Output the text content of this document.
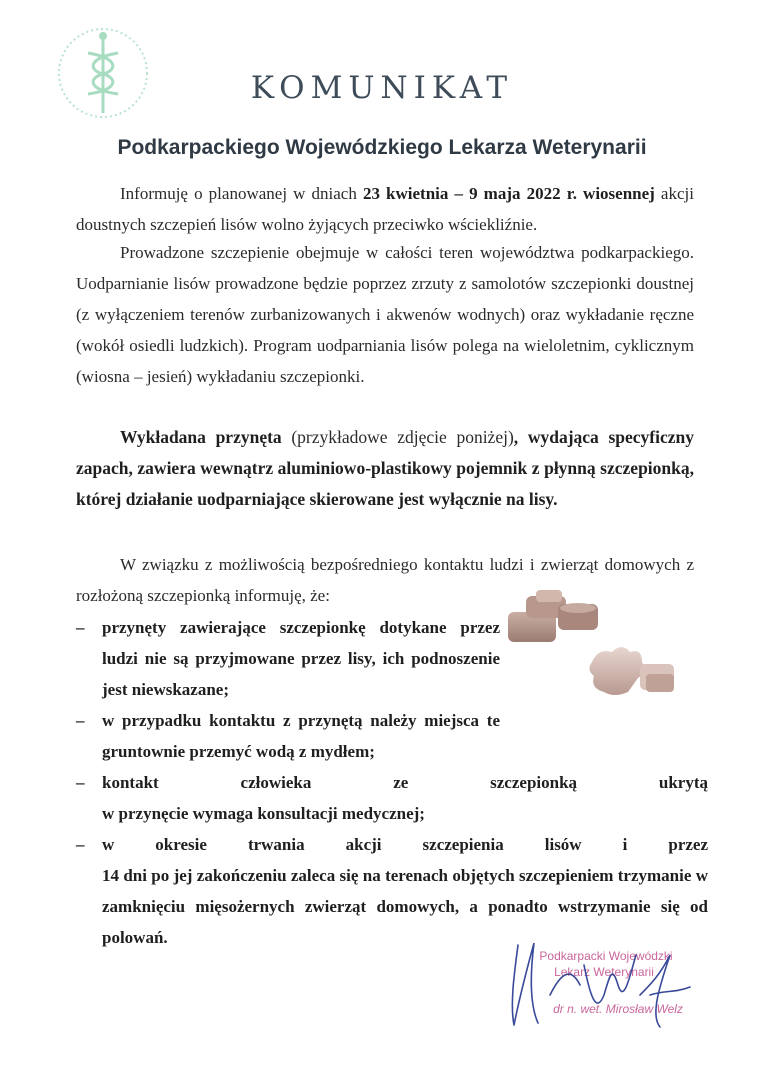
KOMUNIKAT
Podkarpackiego Wojewódzkiego Lekarza Weterynarii

Informuję o planowanej w dniach 23 kwietnia – 9 maja 2022 r. wiosennej akcji doustnych szczepień lisów wolno żyjących przeciwko wściekliźnie.

Prowadzone szczepienie obejmuje w całości teren województwa podkarpackiego. Uodparnianie lisów prowadzone będzie poprzez zrzuty z samolotów szczepionki doustnej (z wyłączeniem terenów zurbanizowanych i akwenów wodnych) oraz wykładanie ręczne (wokół osiedli ludzkich). Program uodparniania lisów polega na wieloletnim, cyklicznym (wiosna – jesień) wykładaniu szczepionki.

Wykładana przynęta (przykładowe zdjęcie poniżej), wydająca specyficzny zapach, zawiera wewnątrz aluminiowo-plastikowy pojemnik z płynną szczepionką, której działanie uodparniające skierowane jest wyłącznie na lisy.

W związku z możliwością bezpośredniego kontaktu ludzi i zwierząt domowych z rozłożoną szczepionką informuję, że:

–	przynęty zawierające szczepionkę dotykane przez ludzi nie są przyjmowane przez lisy, ich podnoszenie jest niewskazane;
–	w przypadku kontaktu z przynętą należy miejsca te gruntownie przemyć wodą z mydłem;
–	kontakt	człowieka	ze	szczepionką	ukrytą
w przynęcie wymaga konsultacji medycznej;
–	w okresie trwania akcji szczepienia lisów i przez
14 dni po jej zakończeniu zaleca się na terenach objętych szczepieniem trzymanie w zamknięciu mięsożernych zwierząt domowych, a ponadto wstrzymanie się od polowań.
Podkarpacki Wojewódzki
Lekarz Weterynarii
dr n. wet. Mirosław Welz
